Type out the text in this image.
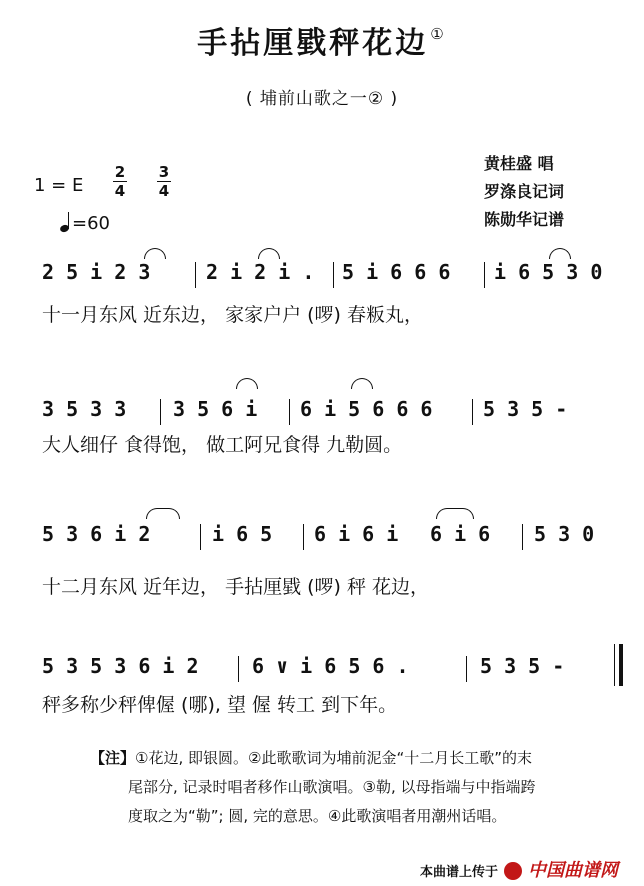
手拈厘戥秤花边 ①
( 埔前山歌之一② )
黄桂盛 唱
罗涤良记词
陈勋华记谱
1 = E
2
4
3
4
=60
2 5 i 2 3	2 i 2 i . 5 i 6 6 6 i 6 5 3 0
十一月东风 近东边， 家家户户 (啰) 春粄丸，
3 5 3 3 3 5 6 i 6 i 5 6 6 6	5 3 5 -
大人细仔 食得饱， 做工阿兄食得 九勒圆。
5 3 6 i 2	i 6 5 6 i 6 i 6 i 6 5 3 0
十二月东风 近年边， 手拈厘戥 (啰) 秤 花边，
5 3 5 3 6 i 2	6 ∨ i 6 5 6 .	5 3 5 -
秤多称少秤俾偓 (哪), 望 偓 转工 到下年。
【注】①花边, 即银圆。②此歌歌词为埔前泥金“十二月长工歌”的末
尾部分, 记录时唱者移作山歌演唱。③勒, 以母指端与中指端跨
度取之为“勒”; 圆, 完的意思。④此歌演唱者用潮州话唱。
本曲谱上传于 中国曲谱网
